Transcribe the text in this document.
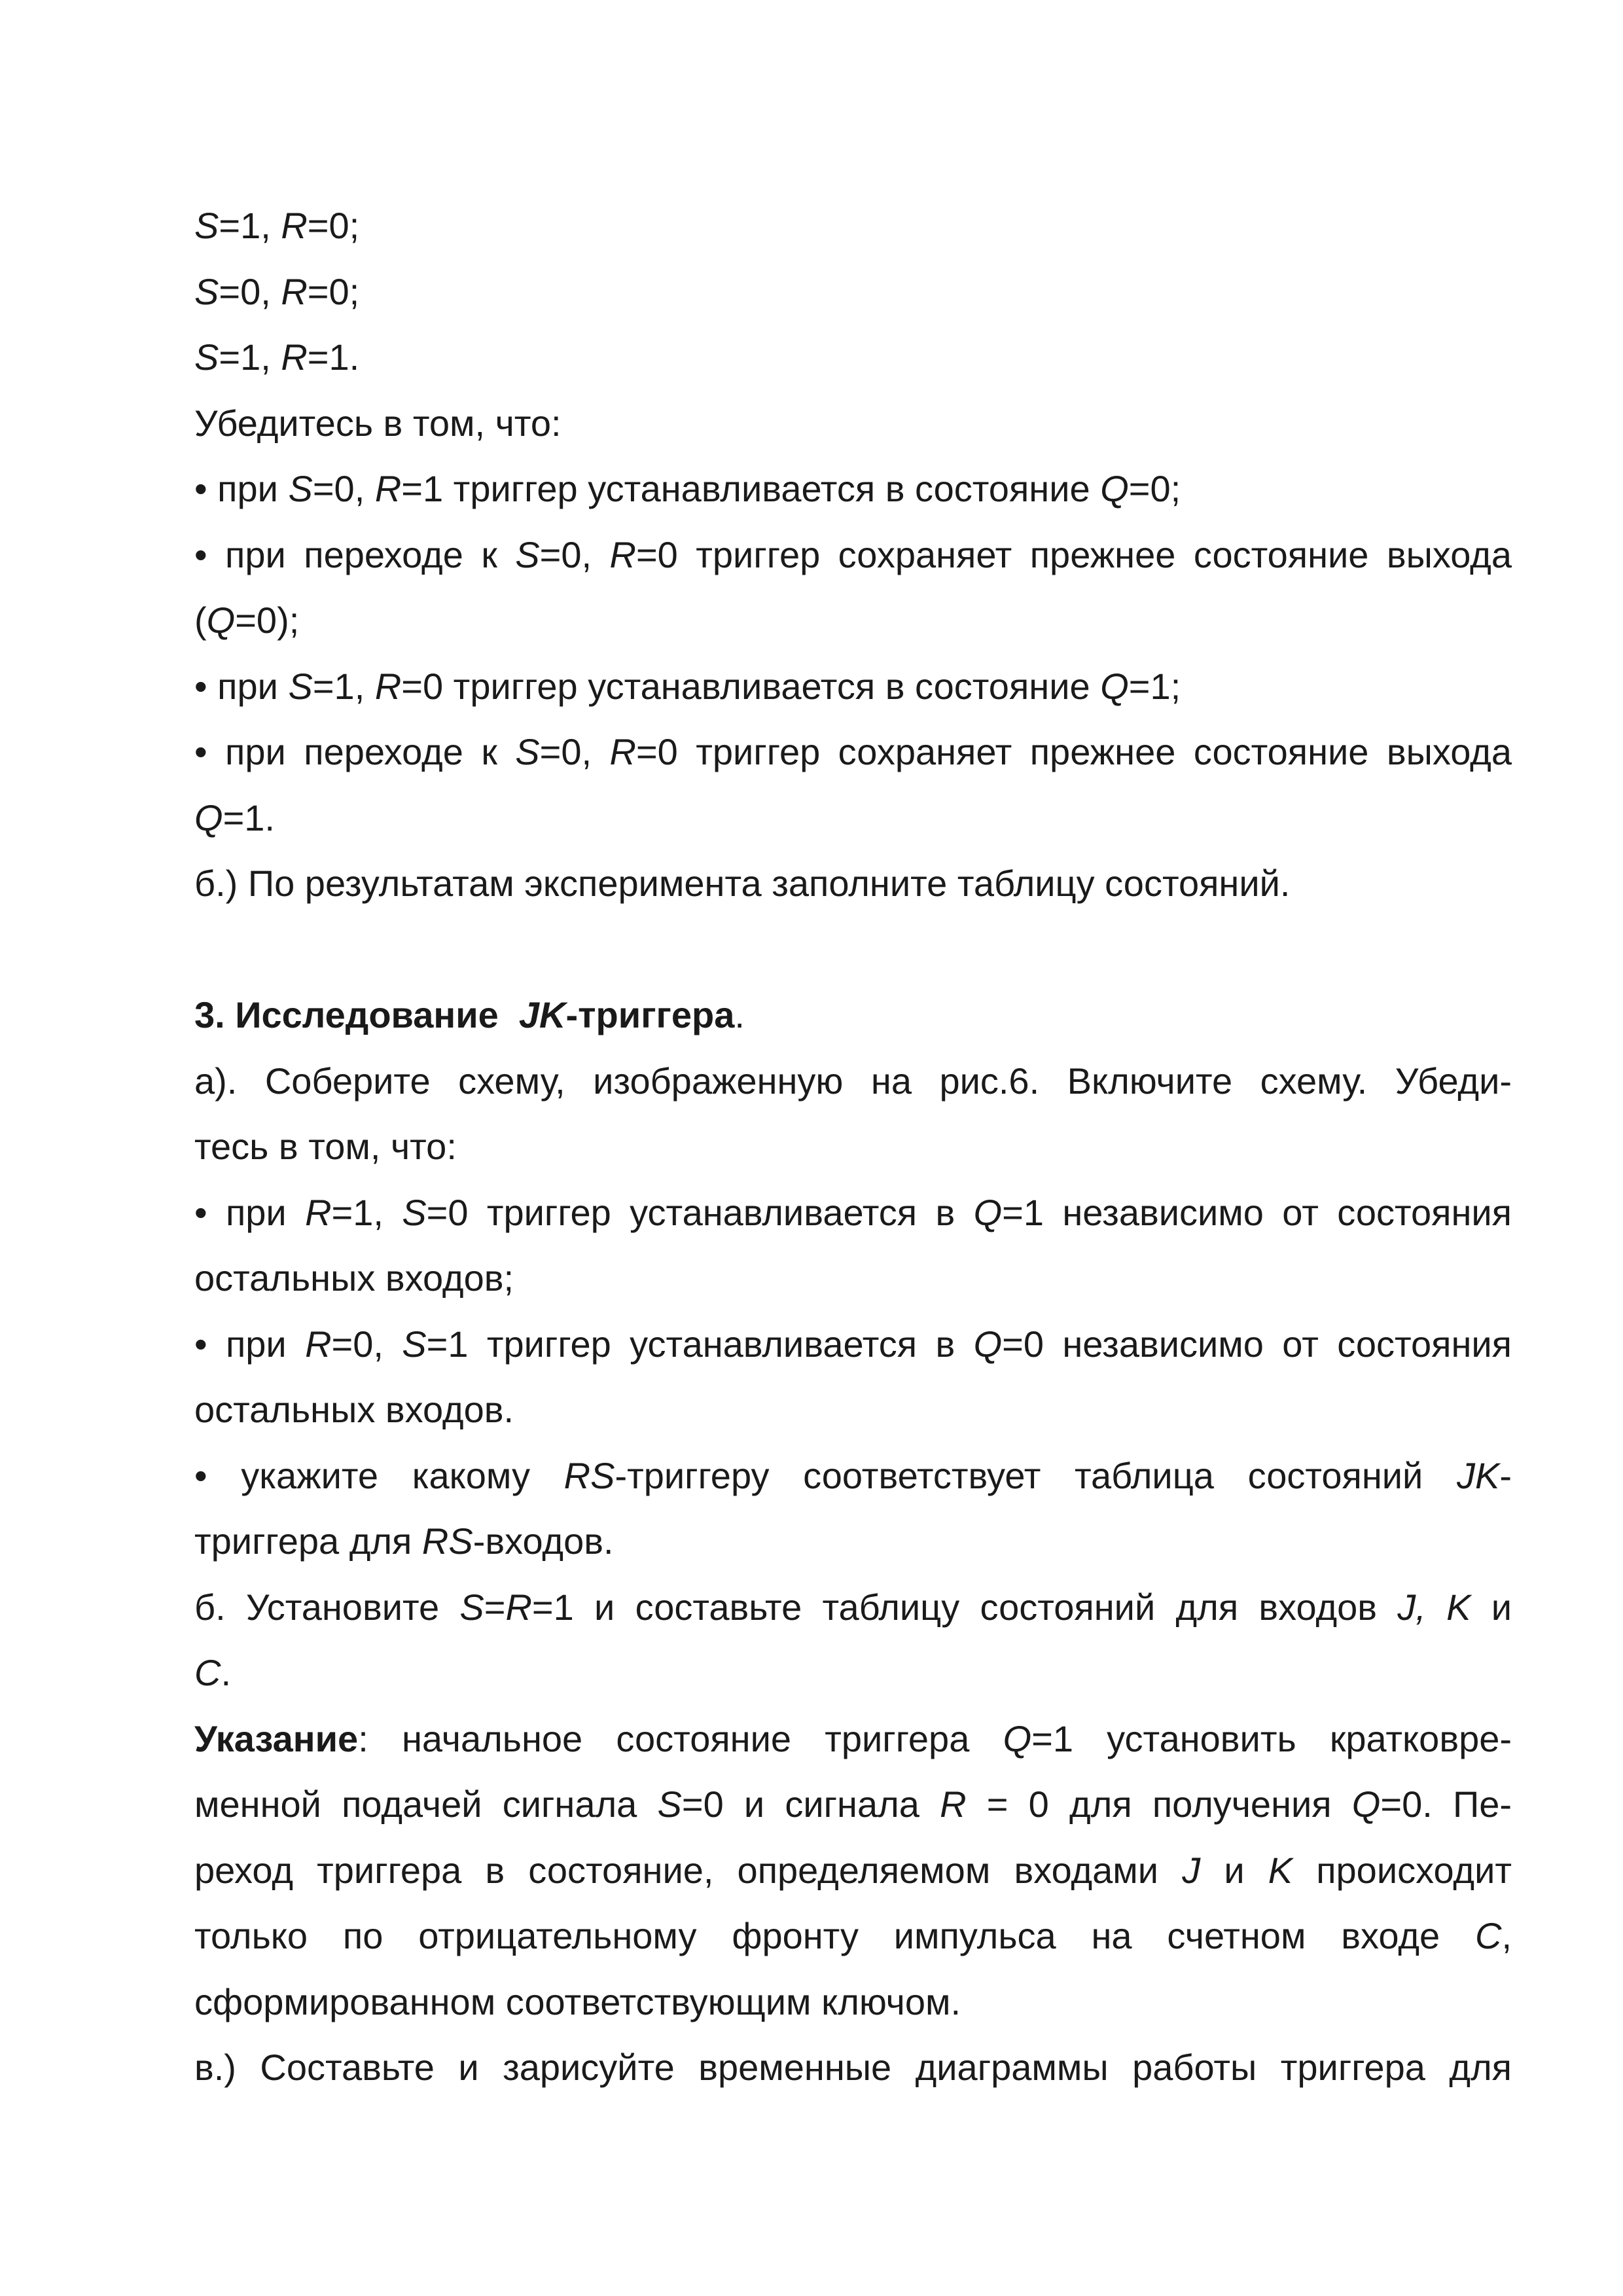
S=1, R=0;
S=0, R=0;
S=1, R=1.
Убедитесь в том, что:
• при S=0, R=1 триггер устанавливается в состояние Q=0;
• при переходе к S=0, R=0 триггер сохраняет прежнее состояние выхода
(Q=0);
• при S=1, R=0 триггер устанавливается в состояние Q=1;
• при переходе к S=0, R=0 триггер сохраняет прежнее состояние выхода
Q=1.
б.) По результатам эксперимента заполните таблицу состояний.
3. Исследование  JK-триггера.
а). Соберите схему, изображенную на рис.6. Включите схему. Убеди-
тесь в том, что:
• при R=1, S=0 триггер устанавливается в Q=1 независимо от состояния
остальных входов;
• при R=0, S=1 триггер устанавливается в Q=0 независимо от состояния
остальных входов.
• укажите какому RS-триггеру соответствует таблица состояний JK-
триггера для RS-входов.
б. Установите S=R=1 и составьте таблицу состояний для входов J, K и
C.
Указание: начальное состояние триггера Q=1 установить кратковре-
менной подачей сигнала S=0 и сигнала R = 0 для получения Q=0. Пе-
реход триггера в состояние, определяемом входами J и K происходит
только по отрицательному фронту импульса на счетном входе C,
сформированном соответствующим ключом.
в.) Составьте и зарисуйте временные диаграммы работы триггера для
